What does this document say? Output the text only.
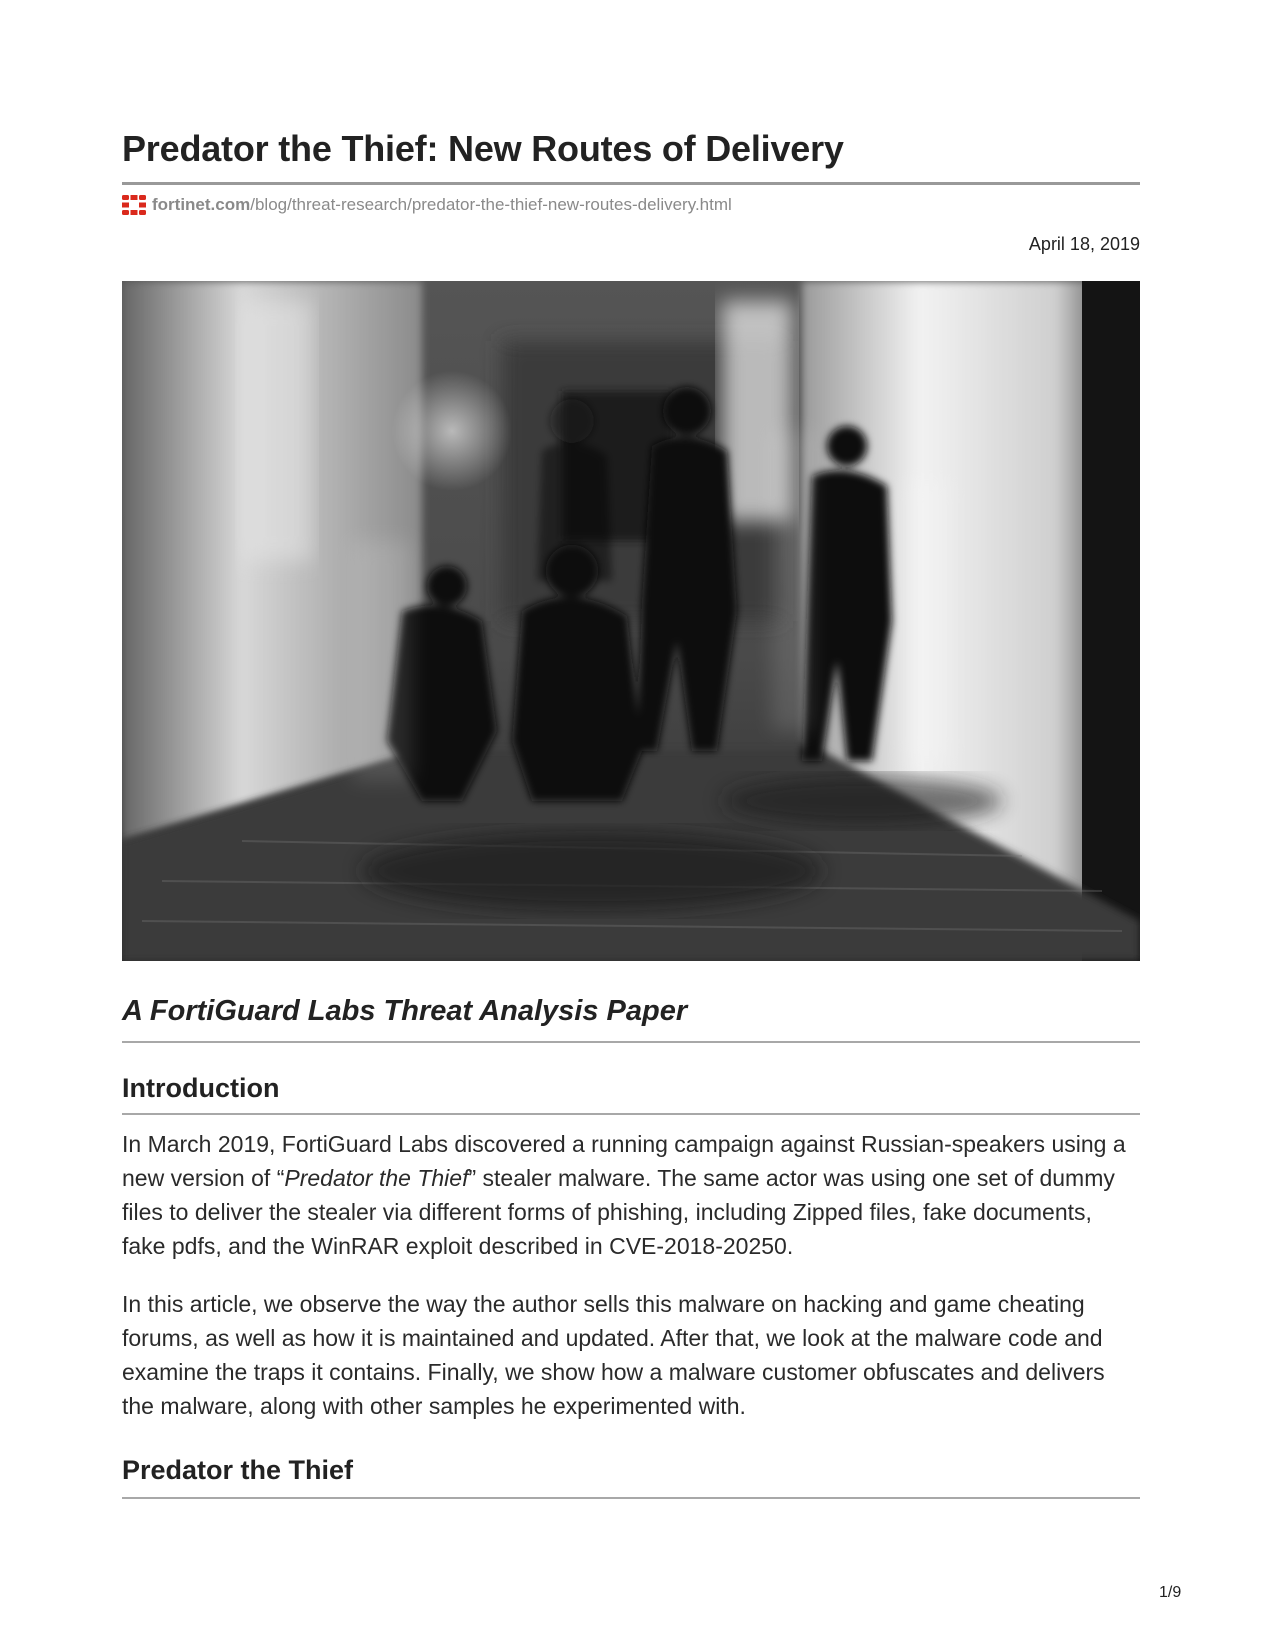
Predator the Thief: New Routes of Delivery
fortinet.com /blog/threat-research/predator-the-thief-new-routes-delivery.html
April 18, 2019
A FortiGuard Labs Threat Analysis Paper
Introduction

In March 2019, FortiGuard Labs discovered a running campaign against Russian-speakers using a new version of “Predator the Thief” stealer malware. The same actor was using one set of dummy files to deliver the stealer via different forms of phishing, including Zipped files, fake documents, fake pdfs, and the WinRAR exploit described in CVE-2018-20250.

In this article, we observe the way the author sells this malware on hacking and game cheating forums, as well as how it is maintained and updated. After that, we look at the malware code and examine the traps it contains. Finally, we show how a malware customer obfuscates and delivers the malware, along with other samples he experimented with.

Predator the Thief
1/9
